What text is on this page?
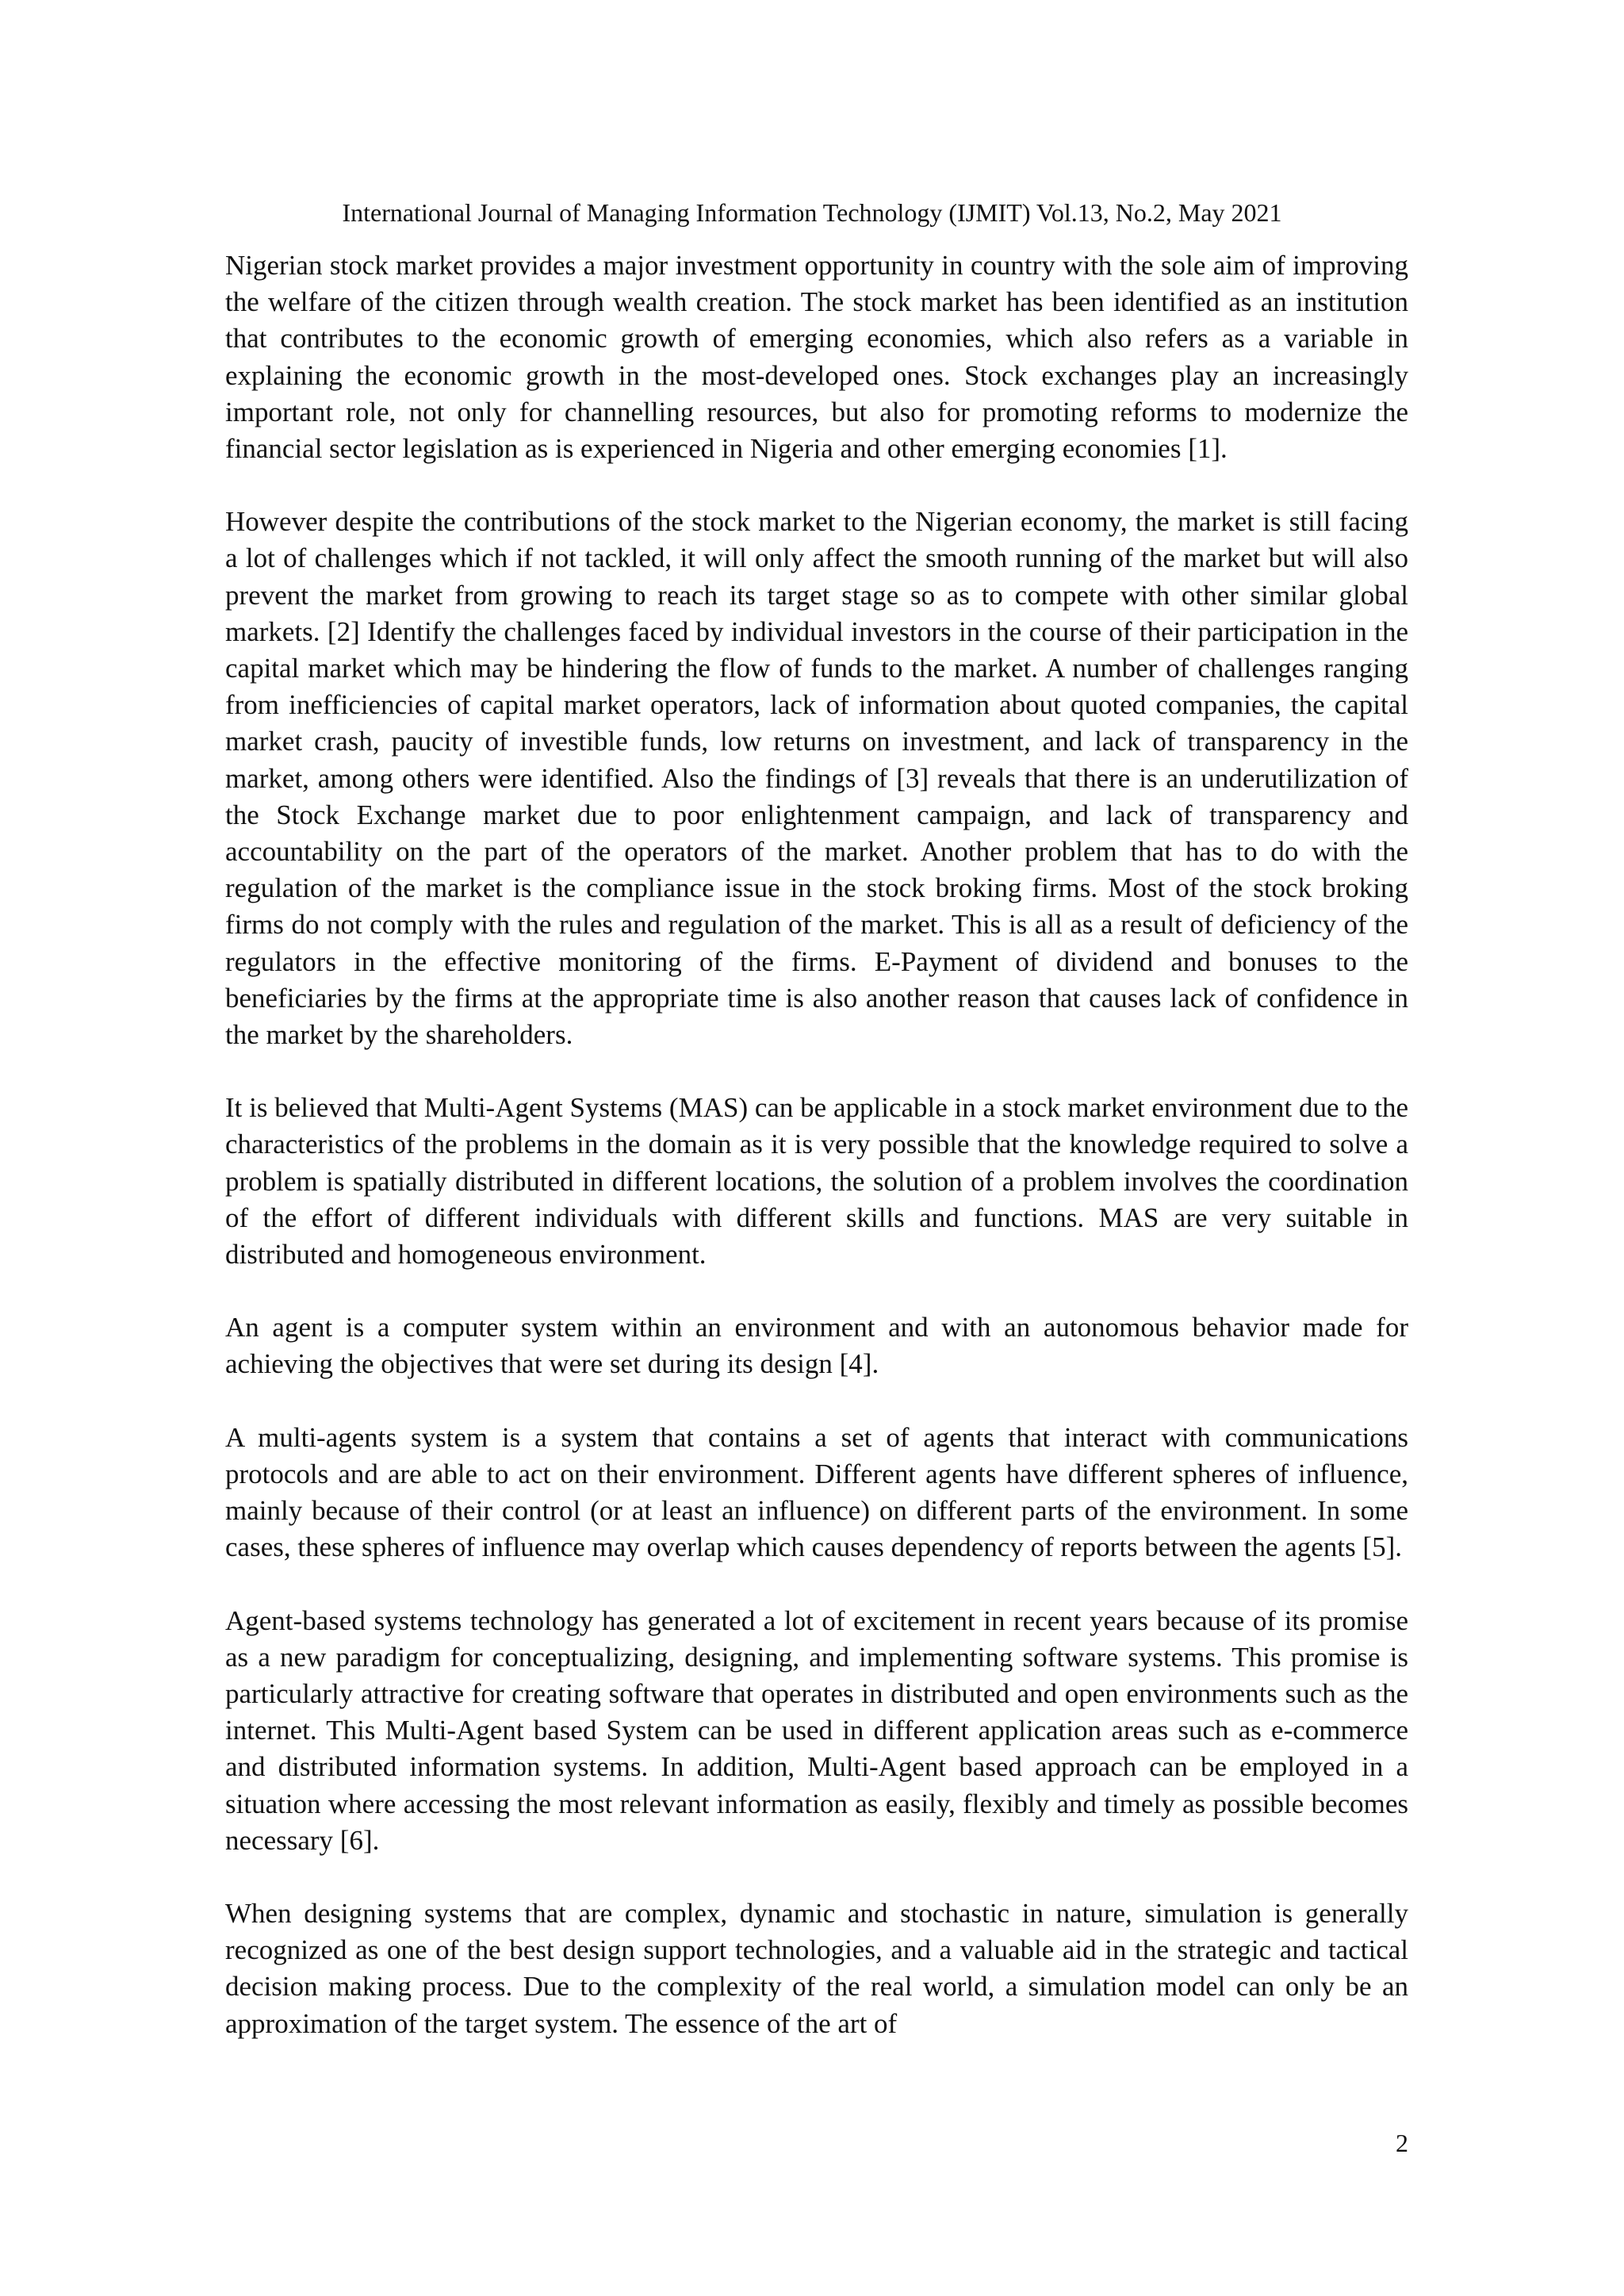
International Journal of Managing Information Technology (IJMIT) Vol.13, No.2, May 2021

Nigerian stock market provides a major investment opportunity in country with the sole aim of improving the welfare of the citizen through wealth creation. The stock market has been identified as an institution that contributes to the economic growth of emerging economies, which also refers as a variable in explaining the economic growth in the most-developed ones. Stock exchanges play an increasingly important role, not only for channelling resources, but also for promoting reforms to modernize the financial sector legislation as is experienced in Nigeria and other emerging economies [1].

However despite the contributions of the stock market to the Nigerian economy, the market is still facing a lot of challenges which if not tackled, it will only affect the smooth running of the market but will also prevent the market from growing to reach its target stage so as to compete with other similar global markets. [2] Identify the challenges faced by individual investors in the course of their participation in the capital market which may be hindering the flow of funds to the market. A number of challenges ranging from inefficiencies of capital market operators, lack of information about quoted companies, the capital market crash, paucity of investible funds, low returns on investment, and lack of transparency in the market, among others were identified. Also the findings of [3] reveals that there is an underutilization of the Stock Exchange market due to poor enlightenment campaign, and lack of transparency and accountability on the part of the operators of the market. Another problem that has to do with the regulation of the market is the compliance issue in the stock broking firms. Most of the stock broking firms do not comply with the rules and regulation of the market. This is all as a result of deficiency of the regulators in the effective monitoring of the firms. E-Payment of dividend and bonuses to the beneficiaries by the firms at the appropriate time is also another reason that causes lack of confidence in the market by the shareholders.

It is believed that Multi-Agent Systems (MAS) can be applicable in a stock market environment due to the characteristics of the problems in the domain as it is very possible that the knowledge required to solve a problem is spatially distributed in different locations, the solution of a problem involves the coordination of the effort of different individuals with different skills and functions. MAS are very suitable in distributed and homogeneous environment.

An agent is a computer system within an environment and with an autonomous behavior made for achieving the objectives that were set during its design [4].

A multi-agents system is a system that contains a set of agents that interact with communications protocols and are able to act on their environment. Different agents have different spheres of influence, mainly because of their control (or at least an influence) on different parts of the environment. In some cases, these spheres of influence may overlap which causes dependency of reports between the agents [5].

Agent-based systems technology has generated a lot of excitement in recent years because of its promise as a new paradigm for conceptualizing, designing, and implementing software systems. This promise is particularly attractive for creating software that operates in distributed and open environments such as the internet. This Multi-Agent based System can be used in different application areas such as e-commerce and distributed information systems. In addition, Multi-Agent based approach can be employed in a situation where accessing the most relevant information as easily, flexibly and timely as possible becomes necessary [6].

When designing systems that are complex, dynamic and stochastic in nature, simulation is generally recognized as one of the best design support technologies, and a valuable aid in the strategic and tactical decision making process. Due to the complexity of the real world, a simulation model can only be an approximation of the target system. The essence of the art of

2
